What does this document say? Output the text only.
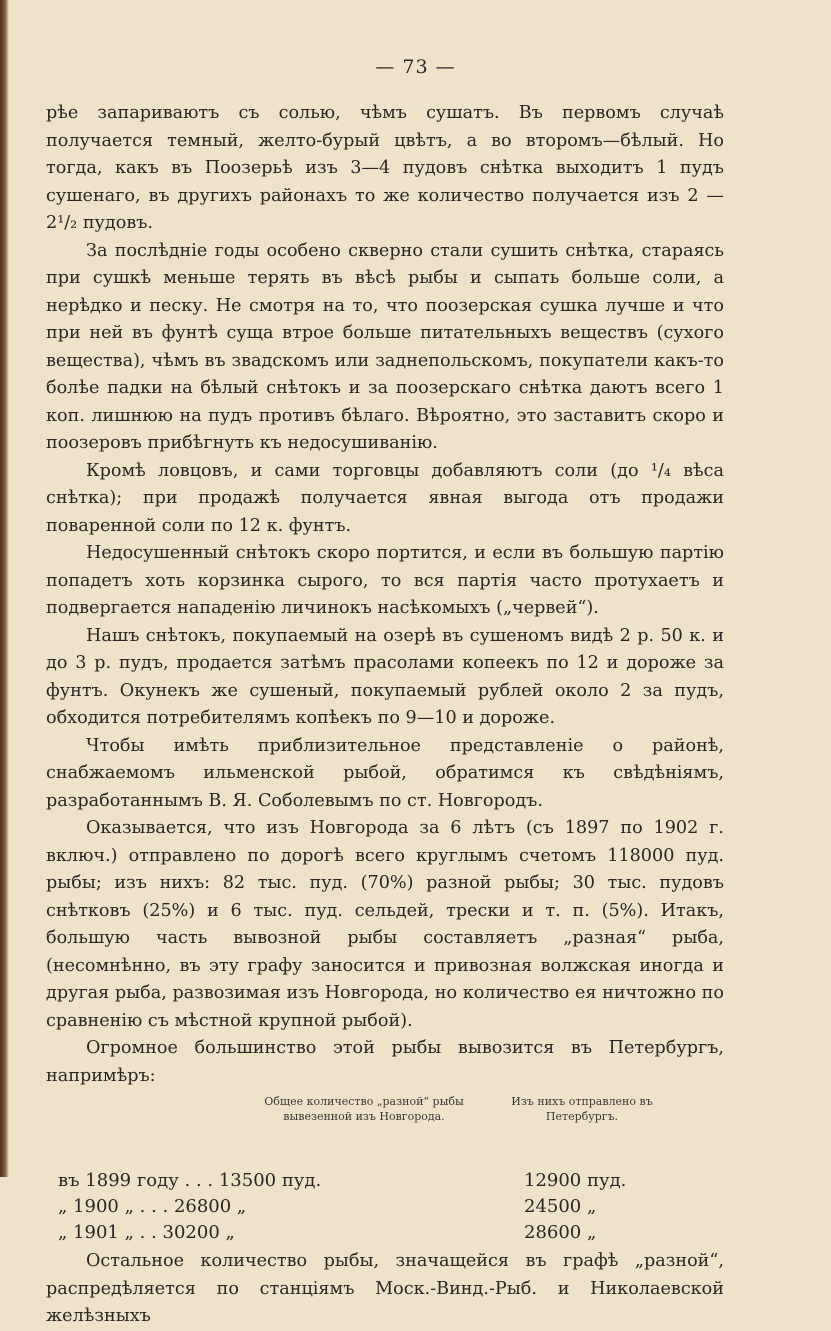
— 73 —

рѣе запариваютъ съ солью, чѣмъ сушатъ. Въ первомъ случаѣ получается темный, желто-бурый цвѣтъ, а во второмъ—бѣлый. Но тогда, какъ въ Поозерьѣ изъ 3—4 пудовъ снѣтка выходитъ 1 пудъ сушенаго, въ другихъ районахъ то же количество получается изъ 2 — 2¹/₂ пудовъ.

За послѣдніе годы особено скверно стали сушить снѣтка, стараясь при сушкѣ меньше терять въ вѣсѣ рыбы и сыпать больше соли, а нерѣдко и песку. Не смотря на то, что поозерская сушка лучше и что при ней въ фунтѣ суща втрое больше питательныхъ веществъ (сухого вещества), чѣмъ въ звадскомъ или заднепольскомъ, покупатели какъ-то болѣе падки на бѣлый снѣтокъ и за поозерскаго снѣтка даютъ всего 1 коп. лишнюю на пудъ противъ бѣлаго. Вѣроятно, это заставитъ скоро и поозеровъ прибѣгнуть къ недосушиванію.

Кромѣ ловцовъ, и сами торговцы добавляютъ соли (до ¹/₄ вѣса снѣтка); при продажѣ получается явная выгода отъ продажи поваренной соли по 12 к. фунтъ.

Недосушенный снѣтокъ скоро портится, и если въ большую партію попадетъ хоть корзинка сырого, то вся партія часто протухаетъ и подвергается нападенію личинокъ насѣкомыхъ („червей“).

Нашъ снѣтокъ, покупаемый на озерѣ въ сушеномъ видѣ 2 р. 50 к. и до 3 р. пудъ, продается затѣмъ прасолами копеекъ по 12 и дороже за фунтъ. Окунекъ же сушеный, покупаемый рублей около 2 за пудъ, обходится потребителямъ копѣекъ по 9—10 и дороже.

Чтобы имѣть приблизительное представленіе о районѣ, снабжаемомъ ильменской рыбой, обратимся къ свѣдѣніямъ, разработаннымъ В. Я. Соболевымъ по ст. Новгородъ.

Оказывается, что изъ Новгорода за 6 лѣтъ (съ 1897 по 1902 г. включ.) отправлено по дорогѣ всего круглымъ счетомъ 118000 пуд. рыбы; изъ нихъ: 82 тыс. пуд. (70%) разной рыбы; 30 тыс. пудовъ снѣтковъ (25%) и 6 тыс. пуд. сельдей, трески и т. п. (5%). Итакъ, большую часть вывозной рыбы составляетъ „разная“ рыба, (несомнѣнно, въ эту графу заносится и привозная волжская иногда и другая рыба, развозимая изъ Новгорода, но количество ея ничтожно по сравненію съ мѣстной крупной рыбой).

Огромное большинство этой рыбы вывозится въ Петербургъ, напримѣръ:

Общее количество „разной“ рыбы вывезенной изъ Новгорода.
Изъ нихъ отправлено въ Петербургъ.
въ 1899 году . . . 13500 пуд.	12900 пуд.
„ 1900 „ . . . 26800 „	24500 „
„ 1901 „ . . 30200 „	28600 „

Остальное количество рыбы, значащейся въ графѣ „разной“, распредѣляется по станціямъ Моск.-Винд.-Рыб. и Николаевской желѣзныхъ
